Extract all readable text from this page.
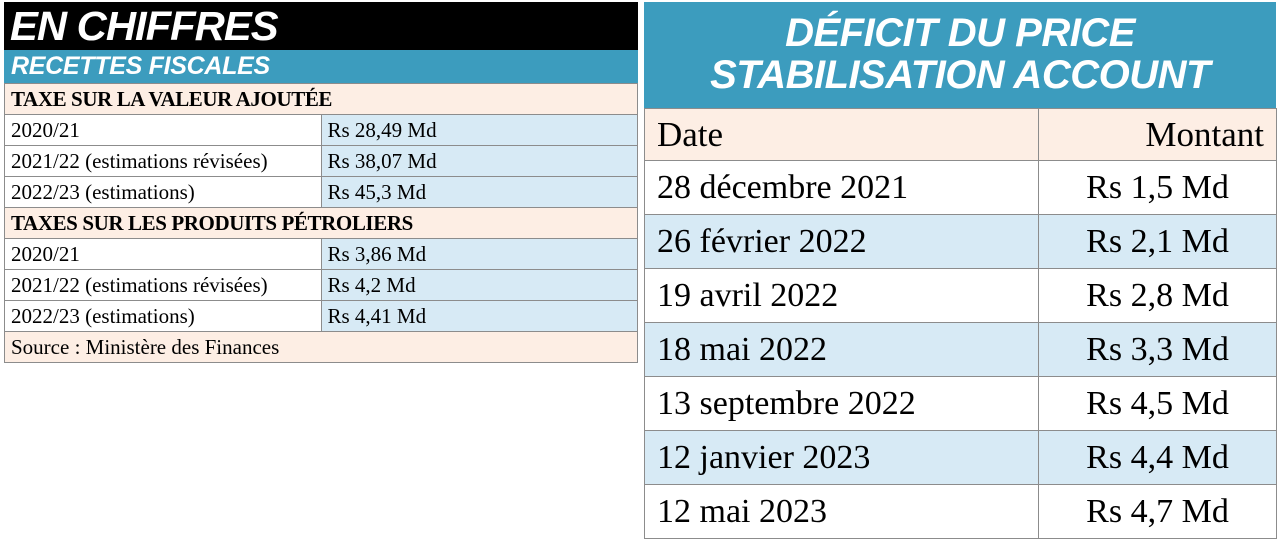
EN CHIFFRES
RECETTES FISCALES
TAXE SUR LA VALEUR AJOUTÉE	
2020/21	Rs 28,49 Md
2021/22 (estimations révisées)	Rs 38,07 Md
2022/23 (estimations)	Rs 45,3 Md
TAXES SUR LES PRODUITS PÉTROLIERS	
2020/21	Rs 3,86 Md
2021/22 (estimations révisées)	Rs 4,2 Md
2022/23 (estimations)	Rs 4,41 Md
Source : Ministère des Finances	
DÉFICIT DU PRICE
STABILISATION ACCOUNT
Date	Montant
28 décembre 2021	Rs 1,5 Md
26 février 2022	Rs 2,1 Md
19 avril 2022	Rs 2,8 Md
18 mai 2022	Rs 3,3 Md
13 septembre 2022	Rs 4,5 Md
12 janvier 2023	Rs 4,4 Md
12 mai 2023	Rs 4,7 Md
